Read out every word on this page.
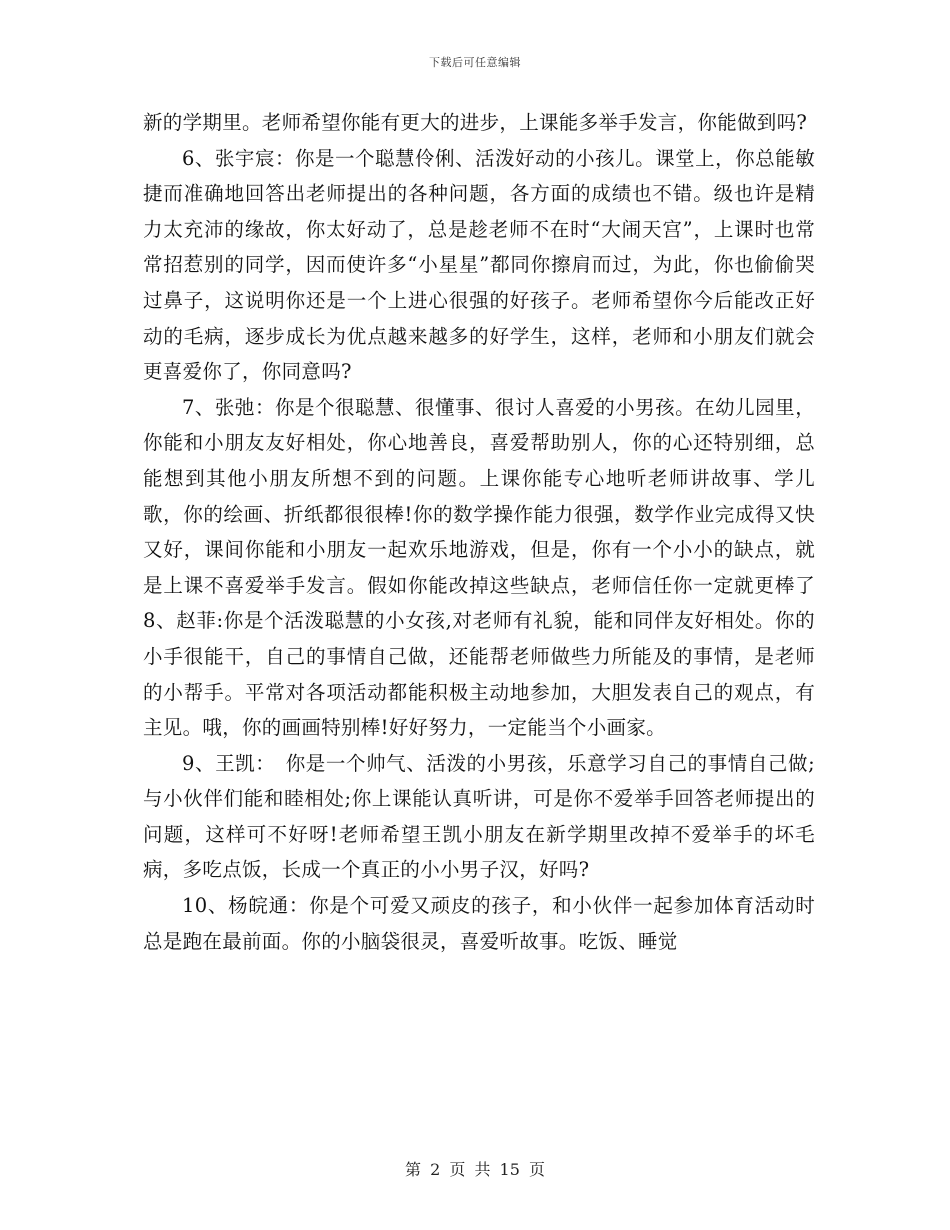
下载后可任意编辑

新的学期里。老师希望你能有更大的进步，上课能多举手发言，你能做到吗?

6、张宇宸：你是一个聪慧伶俐、活泼好动的小孩儿。课堂上，你总能敏捷而准确地回答出老师提出的各种问题，各方面的成绩也不错。级也许是精力太充沛的缘故，你太好动了，总是趁老师不在时“大闹天宫”，上课时也常常招惹别的同学，因而使许多“小星星”都同你擦肩而过，为此，你也偷偷哭过鼻子，这说明你还是一个上进心很强的好孩子。老师希望你今后能改正好动的毛病，逐步成长为优点越来越多的好学生，这样，老师和小朋友们就会更喜爱你了，你同意吗?

7、张弛：你是个很聪慧、很懂事、很讨人喜爱的小男孩。在幼儿园里，你能和小朋友友好相处，你心地善良，喜爱帮助别人，你的心还特别细，总能想到其他小朋友所想不到的问题。上课你能专心地听老师讲故事、学儿歌，你的绘画、折纸都很很棒!你的数学操作能力很强，数学作业完成得又快又好，课间你能和小朋友一起欢乐地游戏，但是，你有一个小小的缺点，就是上课不喜爱举手发言。假如你能改掉这些缺点，老师信任你一定就更棒了　　 8、赵菲:你是个活泼聪慧的小女孩,对老师有礼貌，能和同伴友好相处。你的小手很能干，自己的事情自己做，还能帮老师做些力所能及的事情，是老师的小帮手。平常对各项活动都能积极主动地参加，大胆发表自己的观点，有主见。哦，你的画画特别棒!好好努力，一定能当个小画家。

9、王凯：　你是一个帅气、活泼的小男孩，乐意学习自己的事情自己做;与小伙伴们能和睦相处;你上课能认真听讲，可是你不爱举手回答老师提出的问题，这样可不好呀!老师希望王凯小朋友在新学期里改掉不爱举手的坏毛病，多吃点饭，长成一个真正的小小男子汉，好吗?

10、杨皖通：你是个可爱又顽皮的孩子，和小伙伴一起参加体育活动时总是跑在最前面。你的小脑袋很灵，喜爱听故事。吃饭、睡觉

第 2 页 共 15 页
